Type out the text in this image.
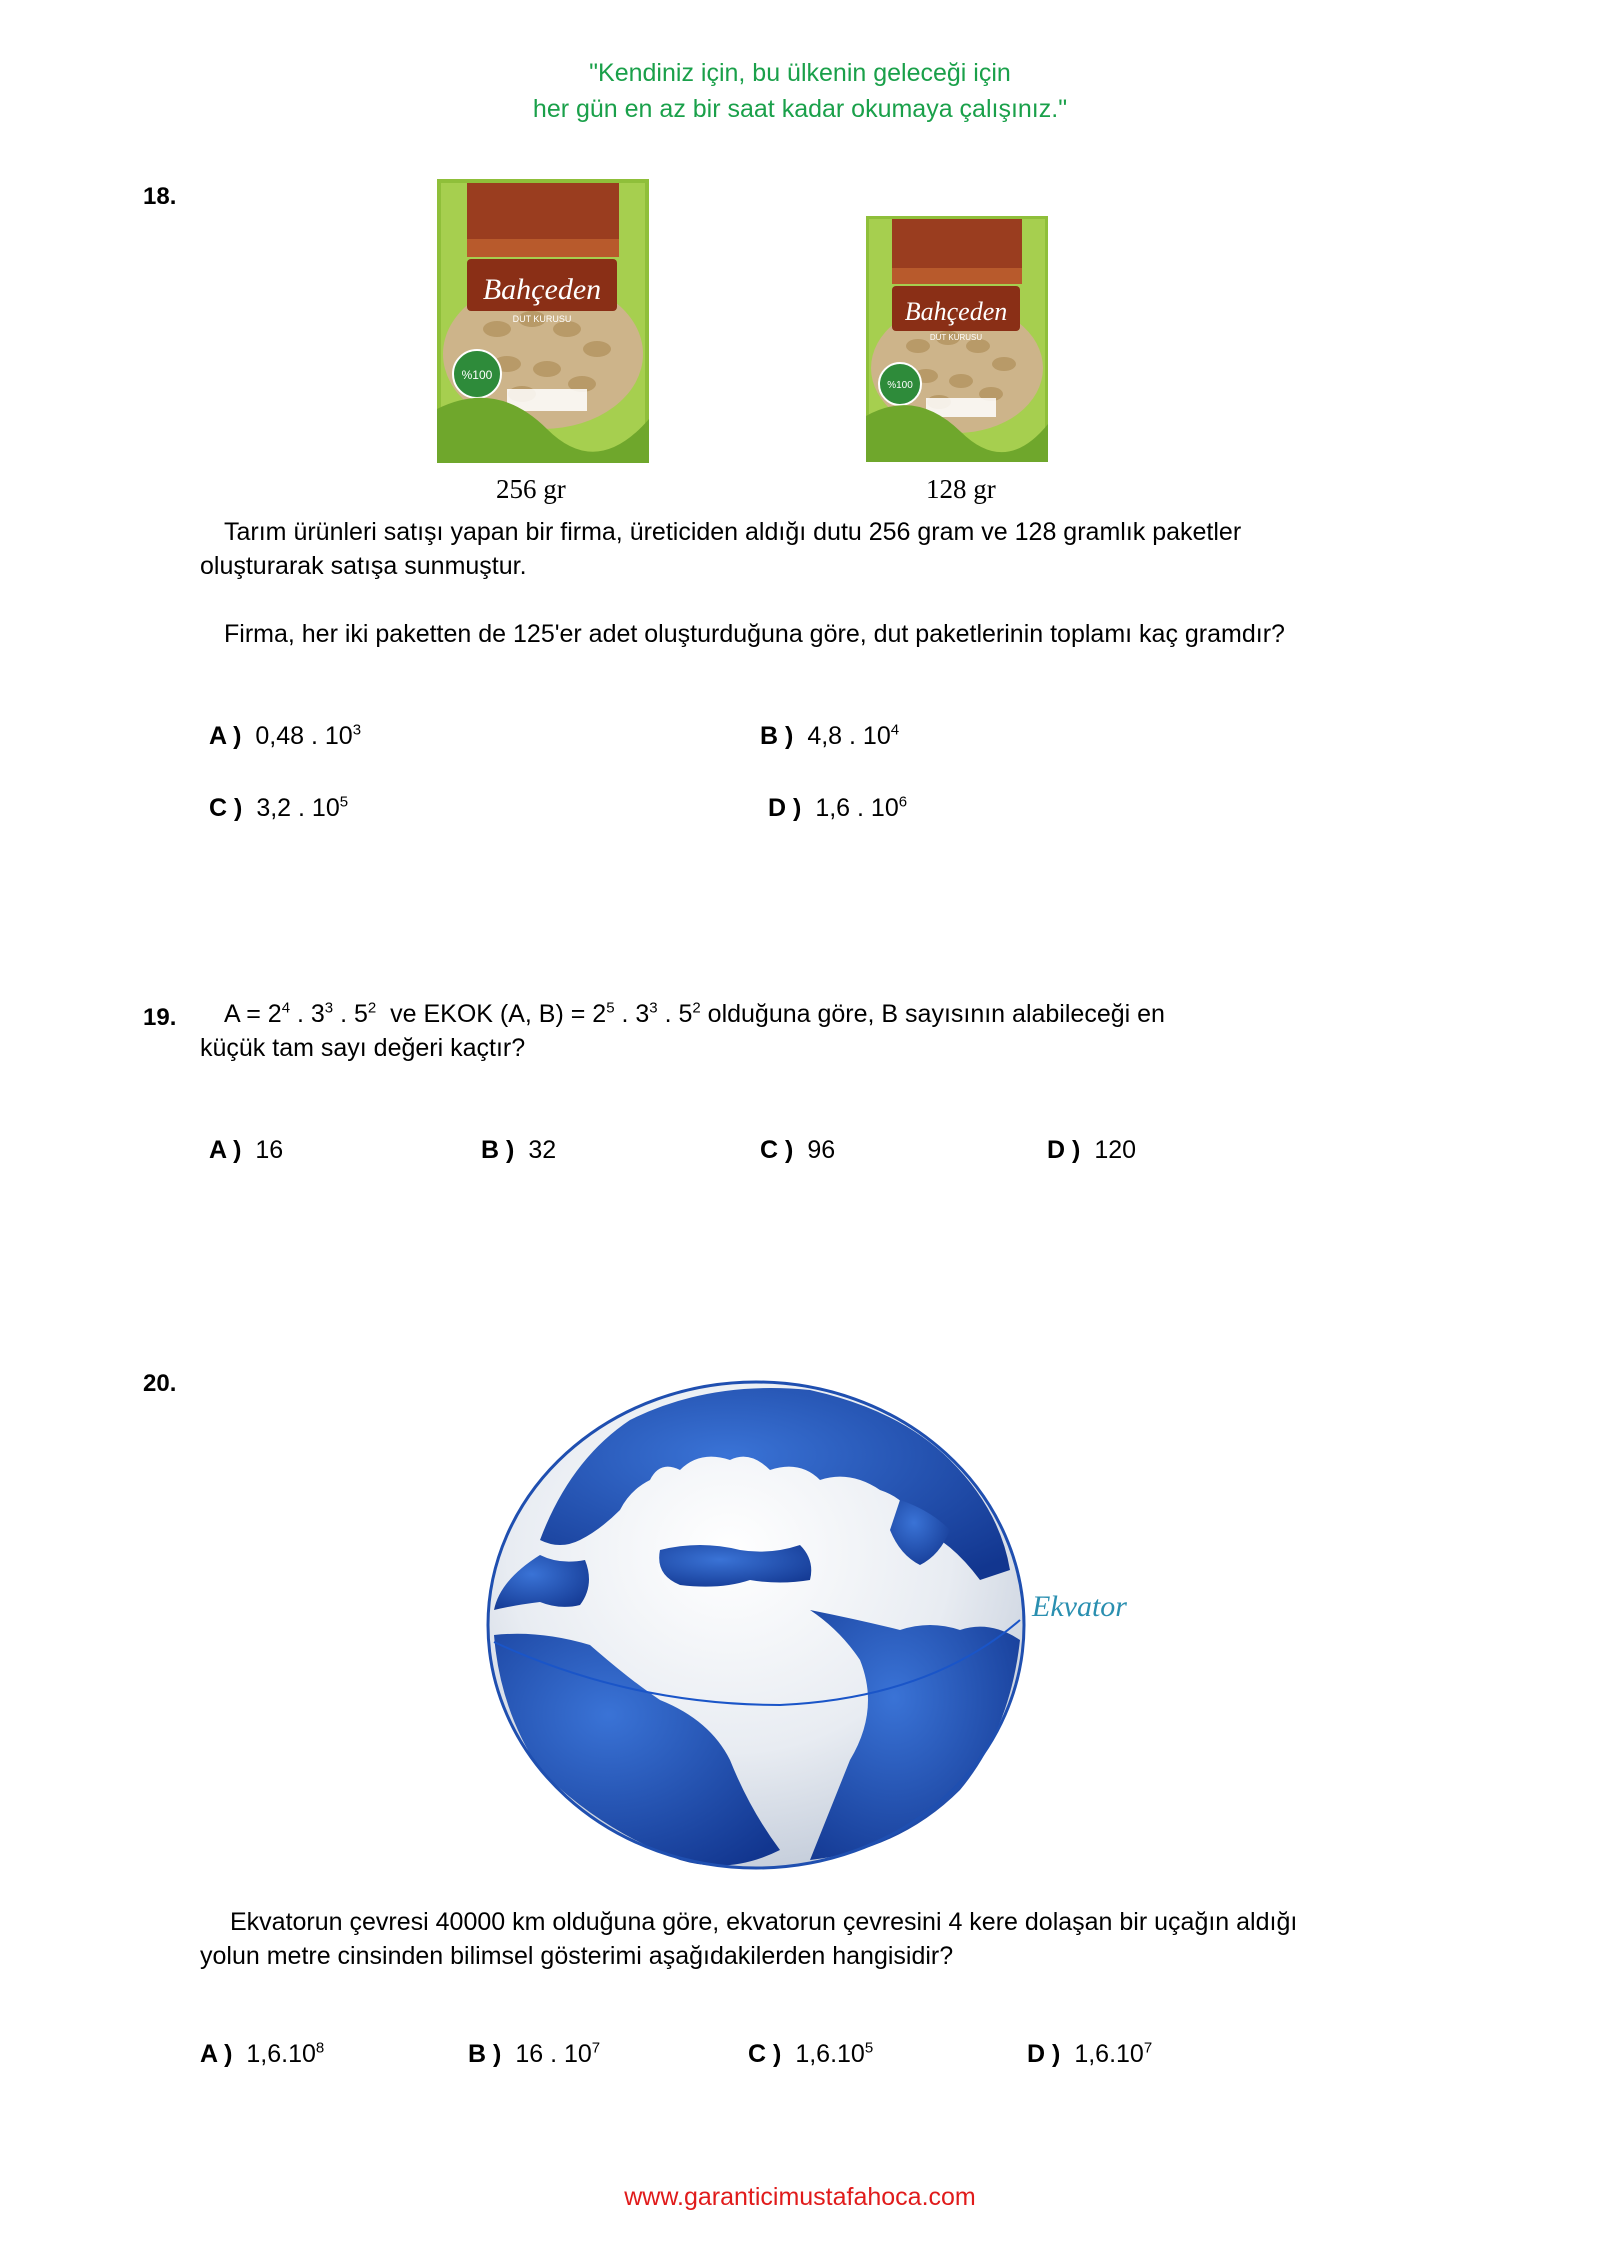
"Kendiniz için, bu ülkenin geleceği için
her gün en az bir saat kadar okumaya çalışınız."
18.
Bahçeden
DUT KURUSU
%100
Bahçeden
DUT KURUSU
%100
256 gr	128 gr
Tarım ürünleri satışı yapan bir firma, üreticiden aldığı dutu 256 gram ve 128 gramlık paketler
oluşturarak satışa sunmuştur.
Firma, her iki paketten de 125'er adet oluşturduğuna göre, dut paketlerinin toplamı kaç gramdır?
A ) 0,48 . $10^3$	B ) 4,8 . $10^4$
C ) 3,2 . $10^5$	D ) 1,6 . $10^6$
19. $A = 2^4$ . $3^3$ . $5^2$  ve EKOK (A, $B) = 2^5$ . $3^3$ . $5^2$ olduğuna göre, B sayısının alabileceği en
küçük tam sayı değeri kaçtır?
A ) 16	B ) 32	C ) 96	D ) 120
20.
Ekvator
Ekvatorun çevresi 40000 km olduğuna göre, ekvatorun çevresini 4 kere dolaşan bir uçağın aldığı
yolun metre cinsinden bilimsel gösterimi aşağıdakilerden hangisidir?
A ) 1,6.10$^8$	B ) 16 . $10^7$	C ) 1,6.10$^5$	D ) 1,6.10$^7$
www.garanticimustafahoca.com
